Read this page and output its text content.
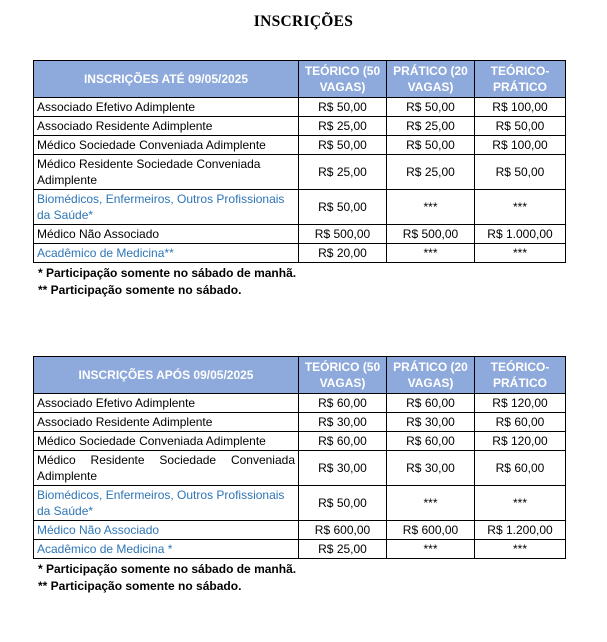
INSCRIÇÕES
INSCRIÇÕES ATÉ 09/05/2025	TEÓRICO (50 VAGAS)	PRÁTICO (20 VAGAS)	TEÓRICO-PRÁTICO
Associado Efetivo Adimplente	R$ 50,00	R$ 50,00	R$ 100,00
Associado Residente Adimplente	R$ 25,00	R$ 25,00	R$ 50,00
Médico Sociedade Conveniada Adimplente	R$ 50,00	R$ 50,00	R$ 100,00
Médico Residente Sociedade Conveniada Adimplente	R$ 25,00	R$ 25,00	R$ 50,00
Biomédicos, Enfermeiros, Outros Profissionais da Saúde*	R$ 50,00	***	***
Médico Não Associado	R$ 500,00	R$ 500,00	R$ 1.000,00
Acadêmico de Medicina**	R$ 20,00	***	***
* Participação somente no sábado de manhã.
** Participação somente no sábado.
INSCRIÇÕES APÓS 09/05/2025	TEÓRICO (50 VAGAS)	PRÁTICO (20 VAGAS)	TEÓRICO-PRÁTICO
Associado Efetivo Adimplente	R$ 60,00	R$ 60,00	R$ 120,00
Associado Residente Adimplente	R$ 30,00	R$ 30,00	R$ 60,00
Médico Sociedade Conveniada Adimplente	R$ 60,00	R$ 60,00	R$ 120,00
Médico Residente Sociedade Conveniada Adimplente	R$ 30,00	R$ 30,00	R$ 60,00
Biomédicos, Enfermeiros, Outros Profissionais da Saúde*	R$ 50,00	***	***
Médico Não Associado	R$ 600,00	R$ 600,00	R$ 1.200,00
Acadêmico de Medicina *	R$ 25,00	***	***
* Participação somente no sábado de manhã.
** Participação somente no sábado.
